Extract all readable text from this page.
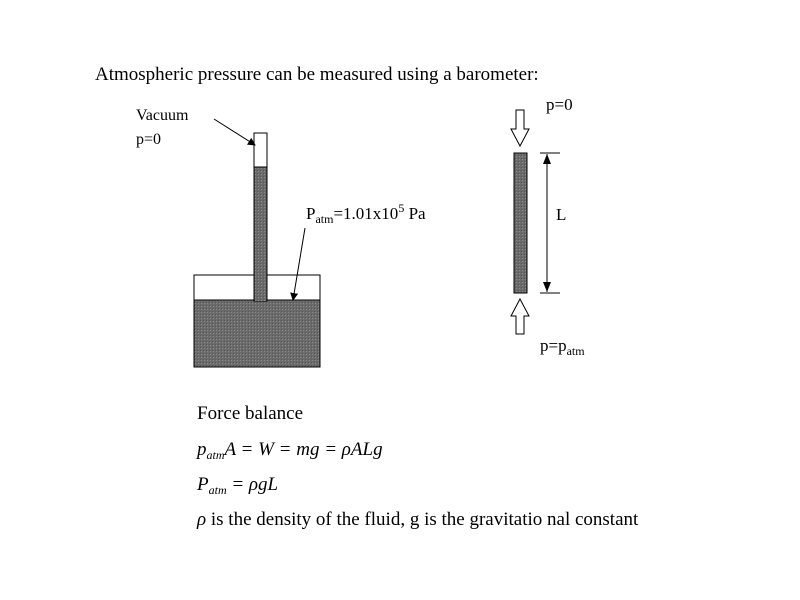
Atmospheric pressure can be measured using a barometer:
Vacuum
p=0
$P_{atm}=1.01x10^5$ Pa
p=0
L
$p=p_{atm}$
Force balance
$p_{atm}A = W$ = mg = ρALg
$P_{atm} = \rho gL$
ρ is the density of the fluid, g is the gravitatio nal constant
